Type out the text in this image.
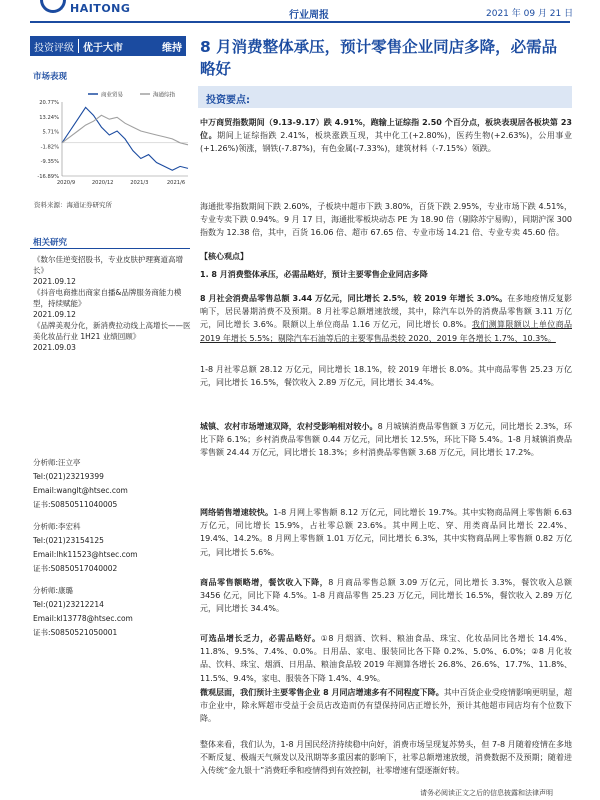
HAITONG
行业周报	2021 年 09 月 21 日
投资评级 优于大市	维持
市场表现
商业贸易	海通综指
20.77%
13.24%
5.71%
-1.82%
-9.35%
-16.89%
2020/9	2020/12	2021/3	2021/6
资料来源：海通证券研究所
相关研究
《数尔佳逆变招股书，专业皮肤护理赛道高增长》
2021.09.12
《抖音电商推出商家自播&品牌服务商能力模型，持续赋能》
2021.09.12
《品牌美观分化，新消费拉动线上高增长——医美化妆品行业 1H21 业绩回顾》
2021.09.03
分析师:汪立亭
Tel:(021)23219399
Email:wanglt@htsec.com
证书:S0850511040005
分析师:李宏科
Tel:(021)23154125
Email:lhk11523@htsec.com
证书:S0850517040002
分析师:康璐
Tel:(021)23212214
Email:kl13778@htsec.com
证书:S0850521050001
8 月消费整体承压，预计零售企业同店多降，必需品略好
投资要点:
中万商贸指数期间（9.13-9.17）跌 4.91%，跑输上证综指 2.50 个百分点，板块表现居各板块第 23 位。期间上证综指跌 2.41%，板块涨跌互现，其中化工(+2.80%)，医药生物(+2.63%)，公用事业(+1.26%)领涨，钢铁(-7.87%)，有色金属(-7.33%)，建筑材料（-7.15%）领跌。
海通批零指数期间下跌 2.60%，子板块中超市下跌 3.80%，百货下跌 2.95%，专业市场下跌 4.51%，专业专卖下跌 0.94%。9 月 17 日，海通批零板块动态 PE 为 18.90 倍（剔除苏宁易购），同期沪深 300 指数为 12.38 倍，其中，百货 16.06 倍、超市 67.65 倍、专业市场 14.21 倍、专业专卖 45.60 倍。
【核心观点】
1. 8 月消费整体承压，必需品略好，预计主要零售企业同店多降
8 月社会消费品零售总额 3.44 万亿元，同比增长 2.5%，较 2019 年增长 3.0%。在多地疫情反复影响下，居民暑期消费不及预期。8 月社零总额增速放缓，其中，除汽车以外的消费品零售额 3.11 万亿元，同比增长 3.6%。限额以上单位商品 1.16 万亿元，同比增长 0.8%。我们测算限额以上单位商品 2019 年增长 5.5%；剔除汽车石油等后的主要零售品类较 2020、2019 年各增长 1.7%、10.3%。
1-8 月社零总额 28.12 万亿元，同比增长 18.1%，较 2019 年增长 8.0%。其中商品零售 25.23 万亿元，同比增长 16.5%，餐饮收入 2.89 万亿元，同比增长 34.4%。
城镇、农村市场增速双降，农村受影响相对较小。8 月城镇消费品零售额 3 万亿元，同比增长 2.3%，环比下降 6.1%；乡村消费品零售额 0.44 万亿元，同比增长 12.5%，环比下降 5.4%。1-8 月城镇消费品零售额 24.44 万亿元，同比增长 18.3%；乡村消费品零售额 3.68 万亿元，同比增长 17.2%。
网络销售增速较快。1-8 月网上零售额 8.12 万亿元，同比增长 19.7%。其中实物商品网上零售额 6.63 万亿元，同比增长 15.9%，占社零总额 23.6%。其中网上吃、穿、用类商品同比增长 22.4%、19.4%、14.2%。8 月网上零售额 1.01 万亿元，同比增长 6.3%，其中实物商品网上零售额 0.82 万亿元，同比增长 5.6%。
商品零售额略增，餐饮收入下降，8 月商品零售总额 3.09 万亿元，同比增长 3.3%，餐饮收入总额 3456 亿元，同比下降 4.5%。1-8 月商品零售 25.23 万亿元，同比增长 16.5%，餐饮收入 2.89 万亿元，同比增长 34.4%。
可选品增长乏力，必需品略好。①8 月烟酒、饮料、粮油食品、珠宝、化妆品同比各增长 14.4%、11.8%、9.5%、7.4%、0.0%。日用品、家电、服装同比各下降 0.2%、5.0%、6.0%；②8 月化妆品、饮料、珠宝、烟酒、日用品、粮油食品较 2019 年测算各增长 26.8%、26.6%、17.7%、11.8%、11.5%、9.4%，家电、服装各下降 1.4%、4.9%。
微观层面，我们预计主要零售企业 8 月同店增速多有不同程度下降。其中百货企业受疫情影响更明显，超市企业中，除永辉超市受益于会员店改造而仍有望保持同店正增长外，预计其他超市同店均有个位数下降。
整体来看，我们认为，1-8 月国民经济持续稳中向好，消费市场呈现复苏势头，但 7-8 月随着疫情在多地不断反复、极端天气频发以及汛期等多重因素的影响下，社零总额增速放缓，消费数据不及预期；随着进入传统“金九银十”消费旺季和疫情得到有效控制，社零增速有望逐渐好转。
请务必阅读正文之后的信息披露和法律声明
